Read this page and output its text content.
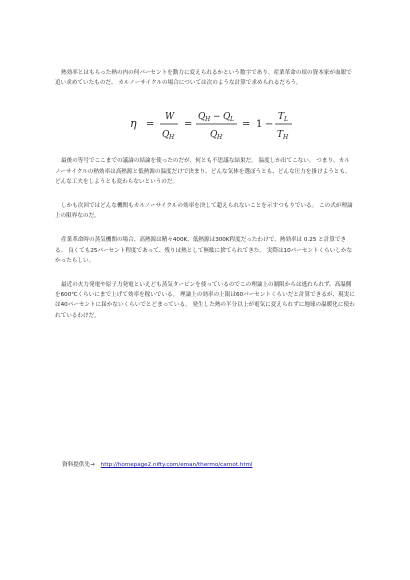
熱効率とはもらった熱の内の何パーセントを動力に変えられるかという数字であり、産業革命の頃の資本家が血眼で追い求めていたものだ。 カルノーサイクルの場合については次のような計算で求められるだろう。

η =
W
Q H
=
Q Q
Q
H	L
H
−
= 1 −
T
T
L
H

最後の等号でここまでの議論の結論を使ったのだが、何とも不思議な結果だ。 温度しか出てこない。 つまり、カルノーサイクルの熱効率は高熱源と低熱源の温度だけで決まり、どんな気体を選ぼうとも、どんな圧力を掛けようとも、どんな工夫をしようとも変わらないというのだ。

しかも次回ではどんな機関もカルノーサイクルの効率を決して超えられないことを示すつもりでいる。 この式が理論上の限界なのだ。

産業革命時の蒸気機関の場合、高熱源は精々400K、低熱源は300K程度だったわけで、熱効率は 0.25 と計算できる。 良くても25パーセント程度であって、残りは熱として無駄に捨てられてきた。 実際は10パーセントくらいしかなかったらしい。

最近の火力発電や原子力発電といえども蒸気タービンを使っているのでこの理論上の制限からは逃れられず、高温側を600℃くらいにまで上げて効率を稼いでいる。 理論上の効率の上限は60パーセントくらいだと計算できるが、現実には40パーセントに届かないくらいでとどまっている。 発生した熱の半分以上が電気に変えられずに地球の温暖化に使われているわけだ。

資料提供先→ http://homepage2.nifty.com/eman/thermo/carnot.html
